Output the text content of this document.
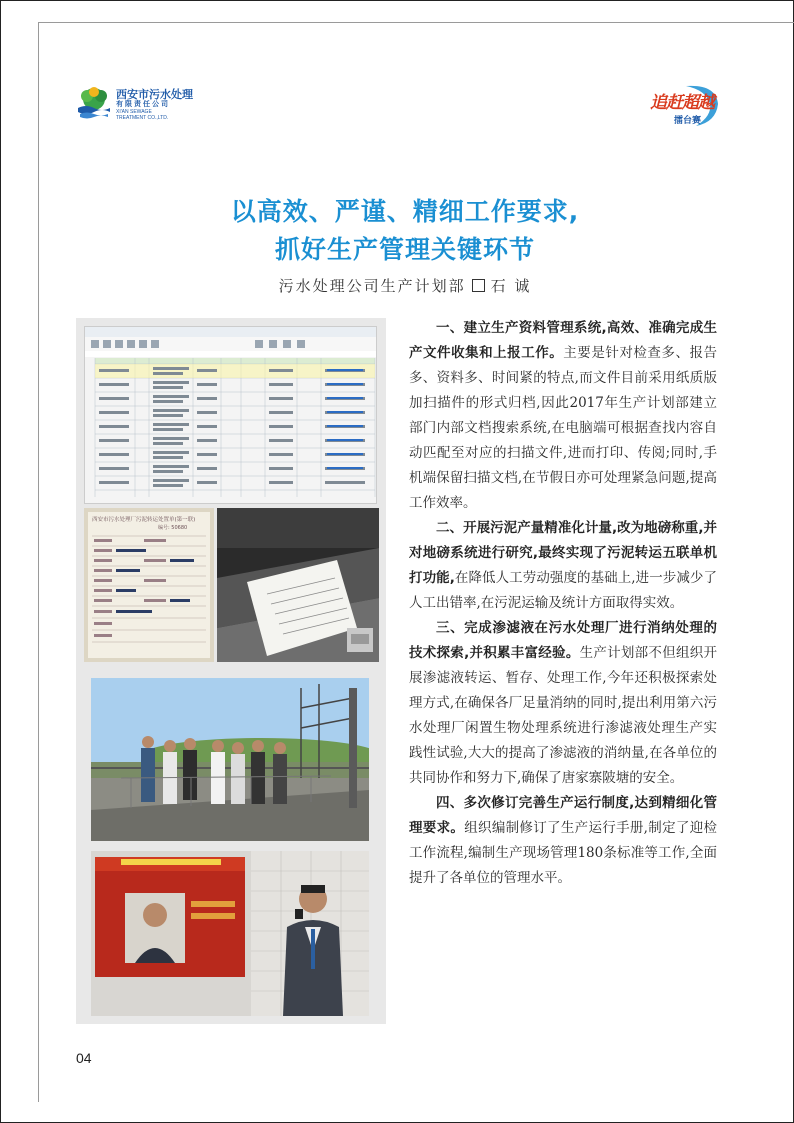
西安市污水处理
有限责任公司
XI'AN SEWAGE
TREATMENT CO.,LTD.
追赶超越
擂台赛
以高效、严谨、精细工作要求,
抓好生产管理关键环节
污水处理公司生产计划部 石 诚
西安市污水处理厂污泥转运处置单(第一联)
编号: 50680

一、建立生产资料管理系统,高效、准确完成生产文件收集和上报工作。主要是针对检查多、报告多、资料多、时间紧的特点,而文件目前采用纸质版加扫描件的形式归档,因此2017年生产计划部建立部门内部文档搜索系统,在电脑端可根据查找内容自动匹配至对应的扫描文件,进而打印、传阅;同时,手机端保留扫描文档,在节假日亦可处理紧急问题,提高工作效率。

二、开展污泥产量精准化计量,改为地磅称重,并对地磅系统进行研究,最终实现了污泥转运五联单机打功能,在降低人工劳动强度的基础上,进一步减少了人工出错率,在污泥运输及统计方面取得实效。

三、完成渗滤液在污水处理厂进行消纳处理的技术探索,并积累丰富经验。生产计划部不但组织开展渗滤液转运、暂存、处理工作,今年还积极探索处理方式,在确保各厂足量消纳的同时,提出利用第六污水处理厂闲置生物处理系统进行渗滤液处理生产实践性试验,大大的提高了渗滤液的消纳量,在各单位的共同协作和努力下,确保了唐家寨陂塘的安全。

四、多次修订完善生产运行制度,达到精细化管理要求。组织编制修订了生产运行手册,制定了迎检工作流程,编制生产现场管理180条标准等工作,全面提升了各单位的管理水平。

04
